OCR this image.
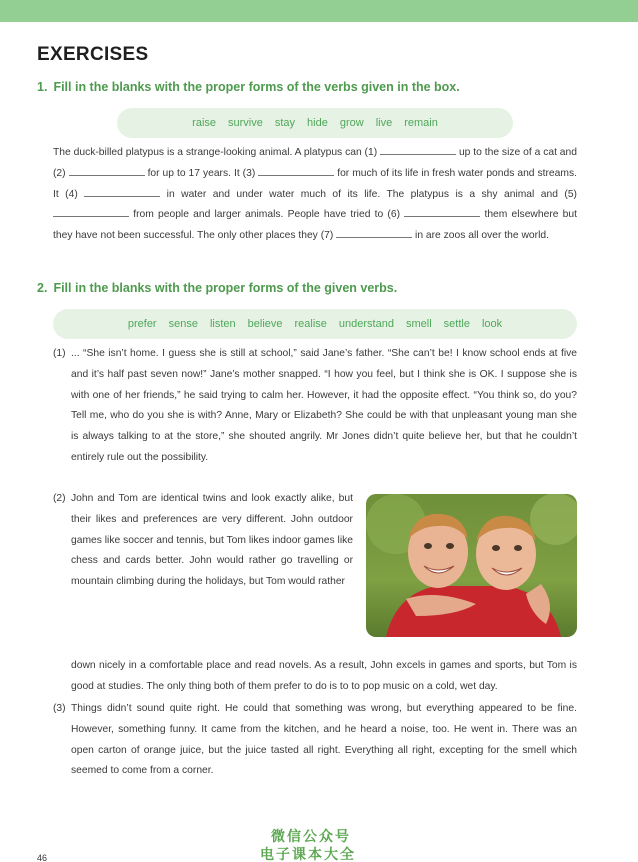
EXERCISES
1. Fill in the blanks with the proper forms of the verbs given in the box.
raise survive stay hide grow live remain
The duck-billed platypus is a strange-looking animal. A platypus can (1)	up to the size of a cat and (2)	for up to 17 years. It (3)	for much of its life in fresh water ponds and streams. It (4)	in water and under water much of its life. The platypus is a shy animal and (5)  from people and larger animals. People have tried to (6)	them elsewhere but they have not been successful. The only other places they (7)	in are zoos all over the world.
2. Fill in the blanks with the proper forms of the given verbs.
prefer sense listen believe realise understand smell settle look
(1) ... “She isn’t home. I guess she is still at school,” said Jane’s father. “She can’t be! I know school ends at five and it’s half past seven now!” Jane’s mother snapped. “I how you feel, but I think she is OK. I suppose she is with one of her friends,” he said trying to calm her. However, it had the opposite effect. “You think so, do you? Tell me, who do you she is with? Anne, Mary or Elizabeth? She could be with that unpleasant young man she is always talking to at the store,” she shouted angrily. Mr Jones didn’t quite believe her, but that he couldn’t entirely rule out the possibility.
(2) John and Tom are identical twins and look exactly alike, but their likes and preferences are very different. John outdoor games like soccer and tennis, but Tom likes indoor games like chess and cards better. John would rather go travelling or mountain climbing during the holidays, but Tom would rather
down nicely in a comfortable place and read novels. As a result, John excels in games and sports, but Tom is good at studies. The only thing both of them prefer to do is to to pop music on a cold, wet day.
(3) Things didn’t sound quite right. He could that something was wrong, but everything appeared to be fine. However, something funny. It came from the kitchen, and he heard a noise, too. He went in. There was an open carton of orange juice, but the juice tasted all right. Everything all right, excepting for the smell which seemed to come from a corner.
微信公众号
电子课本大全
46
